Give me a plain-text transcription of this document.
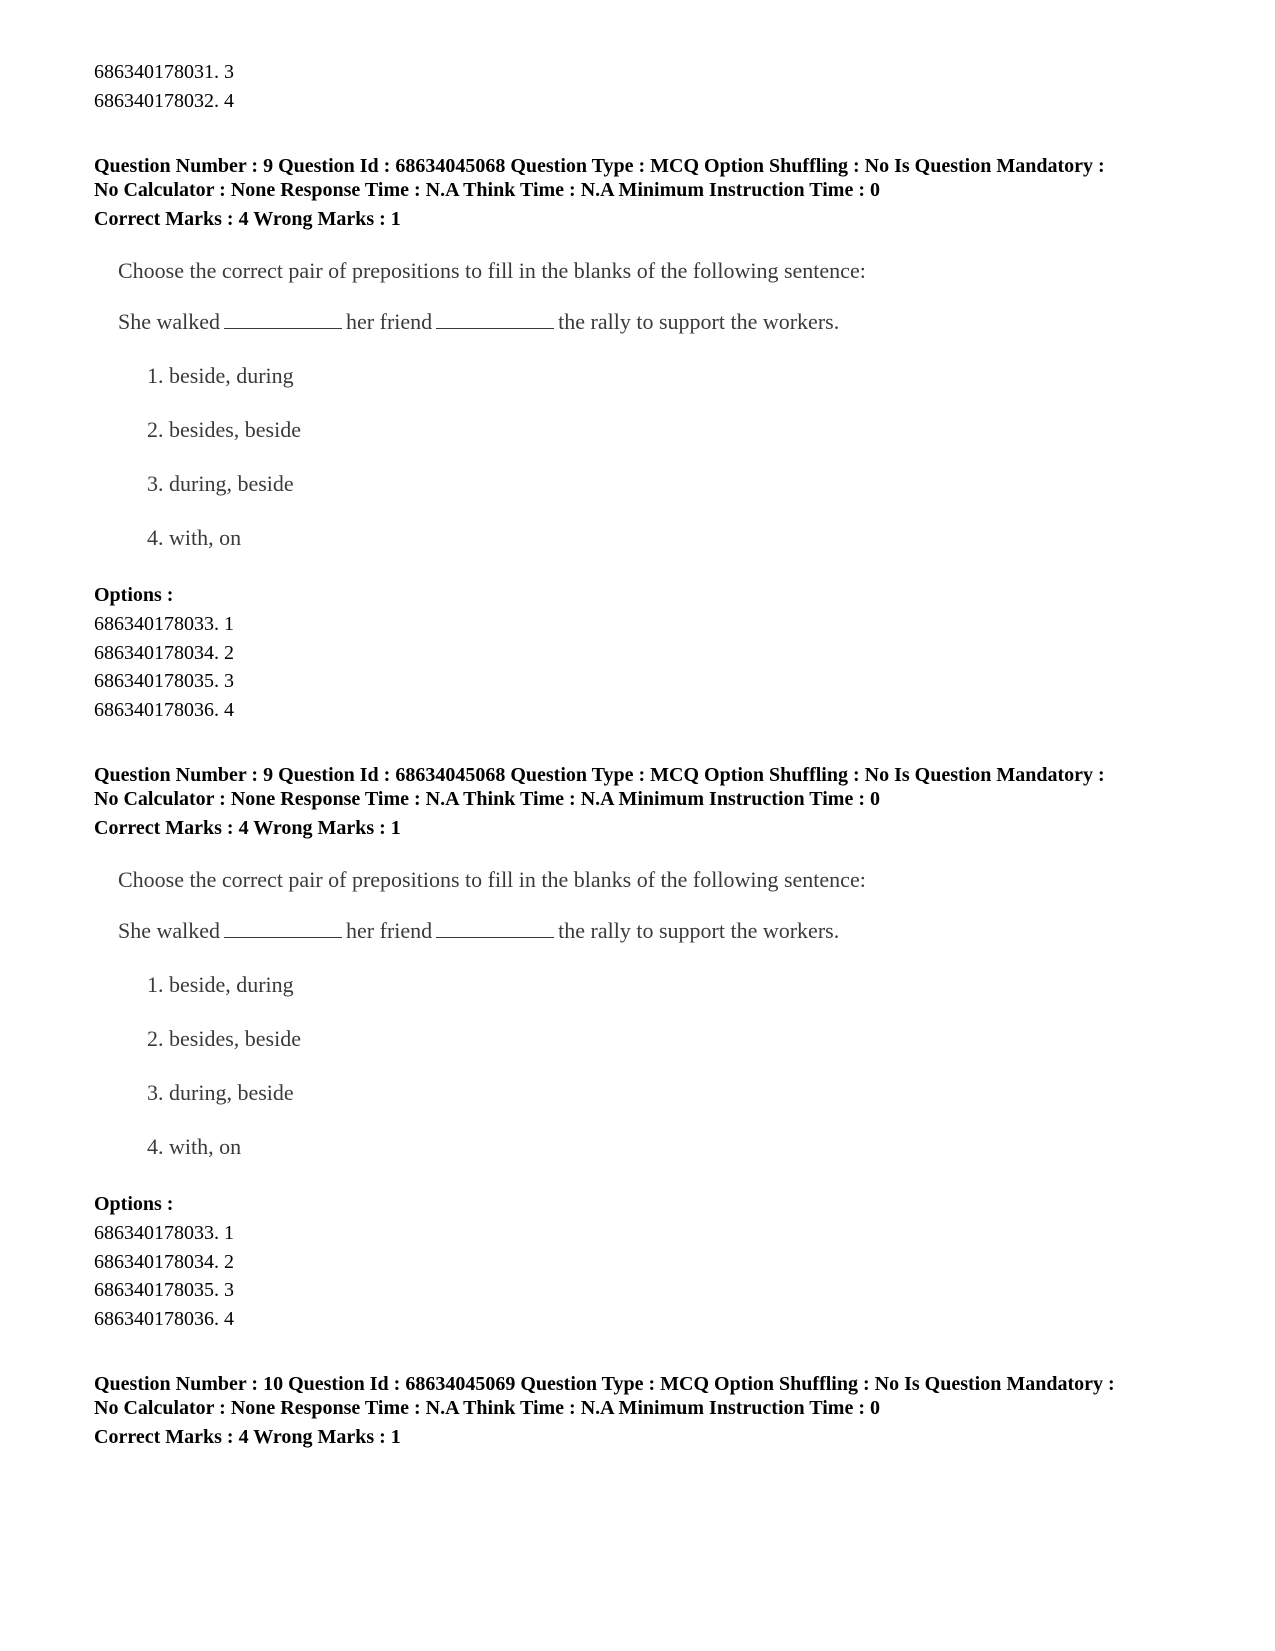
686340178031. 3
686340178032. 4
Question Number : 9 Question Id : 68634045068 Question Type : MCQ Option Shuffling : No Is Question Mandatory :
No Calculator : None Response Time : N.A Think Time : N.A Minimum Instruction Time : 0
Correct Marks : 4 Wrong Marks : 1
Choose the correct pair of prepositions to fill in the blanks of the following sentence:
She walked	her friend	the rally to support the workers.
1. beside, during
2. besides, beside
3. during, beside
4. with, on
Options :
686340178033. 1
686340178034. 2
686340178035. 3
686340178036. 4
Question Number : 9 Question Id : 68634045068 Question Type : MCQ Option Shuffling : No Is Question Mandatory :
No Calculator : None Response Time : N.A Think Time : N.A Minimum Instruction Time : 0
Correct Marks : 4 Wrong Marks : 1
Choose the correct pair of prepositions to fill in the blanks of the following sentence:
She walked	her friend	the rally to support the workers.
1. beside, during
2. besides, beside
3. during, beside
4. with, on
Options :
686340178033. 1
686340178034. 2
686340178035. 3
686340178036. 4
Question Number : 10 Question Id : 68634045069 Question Type : MCQ Option Shuffling : No Is Question Mandatory :
No Calculator : None Response Time : N.A Think Time : N.A Minimum Instruction Time : 0
Correct Marks : 4 Wrong Marks : 1
